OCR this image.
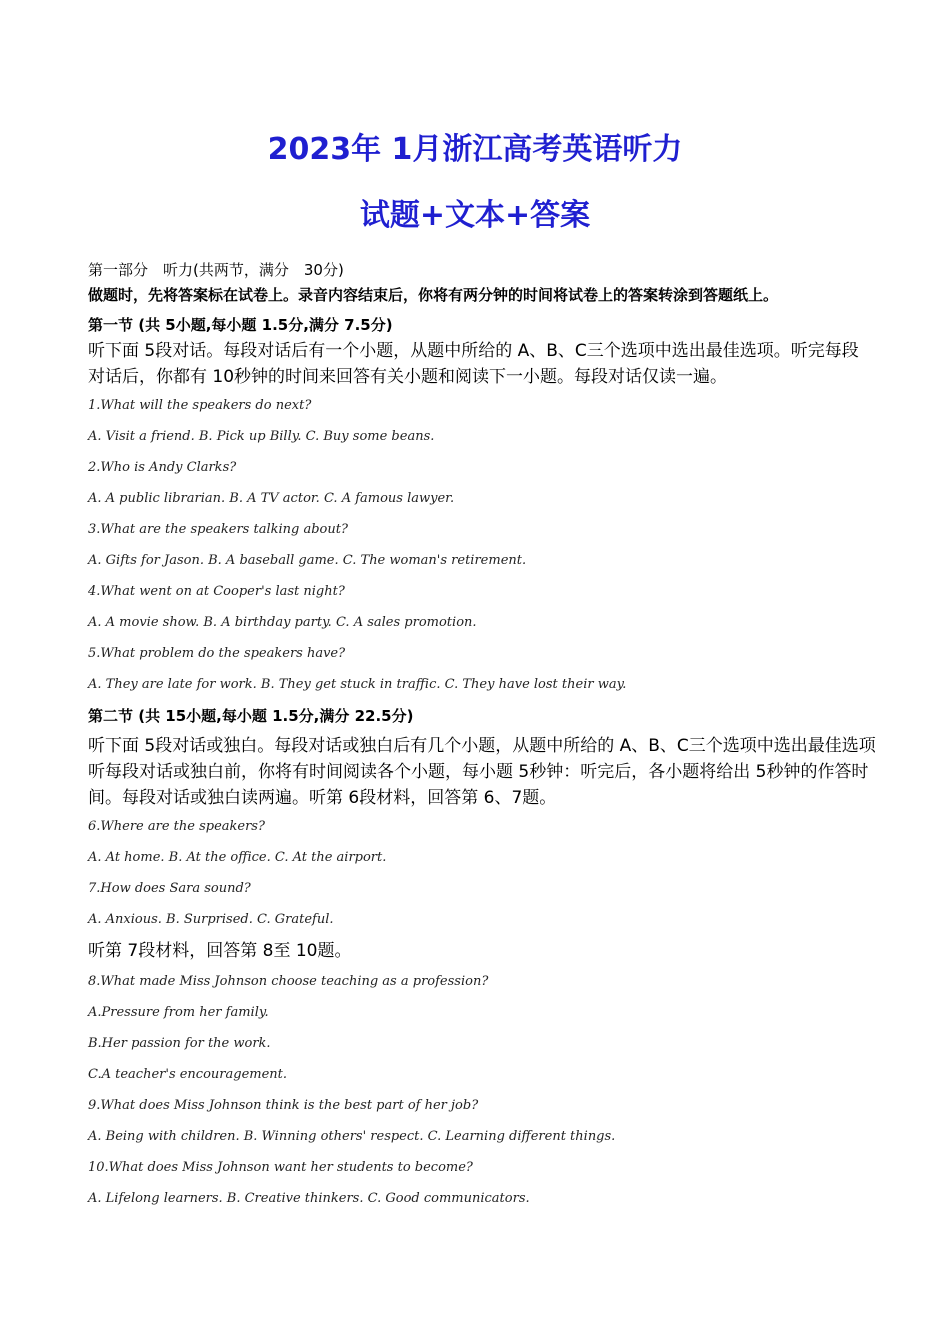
2023年 1月浙江高考英语听力
试题+文本+答案
第一部分　听力(共两节，满分　30分)
做题时，先将答案标在试卷上。录音内容结束后，你将有两分钟的时间将试卷上的答案转涂到答题纸上。
第一节 (共 5小题,每小题 1.5分,满分 7.5分)
听下面 5段对话。每段对话后有一个小题，从题中所给的 A、B、C三个选项中选出最佳选项。听完每段
对话后，你都有 10秒钟的时间来回答有关小题和阅读下一小题。每段对话仅读一遍。
1.What will the speakers do next?
A. Visit a friend. B. Pick up Billy. C. Buy some beans.
2.Who is Andy Clarks?
A. A public librarian. B. A TV actor. C. A famous lawyer.
3.What are the speakers talking about?
A. Gifts for Jason. B. A baseball game. C. The woman's retirement.
4.What went on at Cooper's last night?
A. A movie show. B. A birthday party. C. A sales promotion.
5.What problem do the speakers have?
A. They are late for work. B. They get stuck in traffic. C. They have lost their way.
第二节 (共 15小题,每小题 1.5分,满分 22.5分)
听下面 5段对话或独白。每段对话或独白后有几个小题，从题中所给的 A、B、C三个选项中选出最佳选项
听每段对话或独白前，你将有时间阅读各个小题，每小题 5秒钟：听完后，各小题将给出 5秒钟的作答时
间。每段对话或独白读两遍。听第 6段材料，回答第 6、7题。
6.Where are the speakers?
A. At home. B. At the office. C. At the airport.
7.How does Sara sound?
A. Anxious. B. Surprised. C. Grateful.
听第 7段材料，回答第 8至 10题。
8.What made Miss Johnson choose teaching as a profession?
A.Pressure from her family.
B.Her passion for the work.
C.A teacher's encouragement.
9.What does Miss Johnson think is the best part of her job?
A. Being with children. B. Winning others' respect. C. Learning different things.
10.What does Miss Johnson want her students to become?
A. Lifelong learners. B. Creative thinkers. C. Good communicators.
